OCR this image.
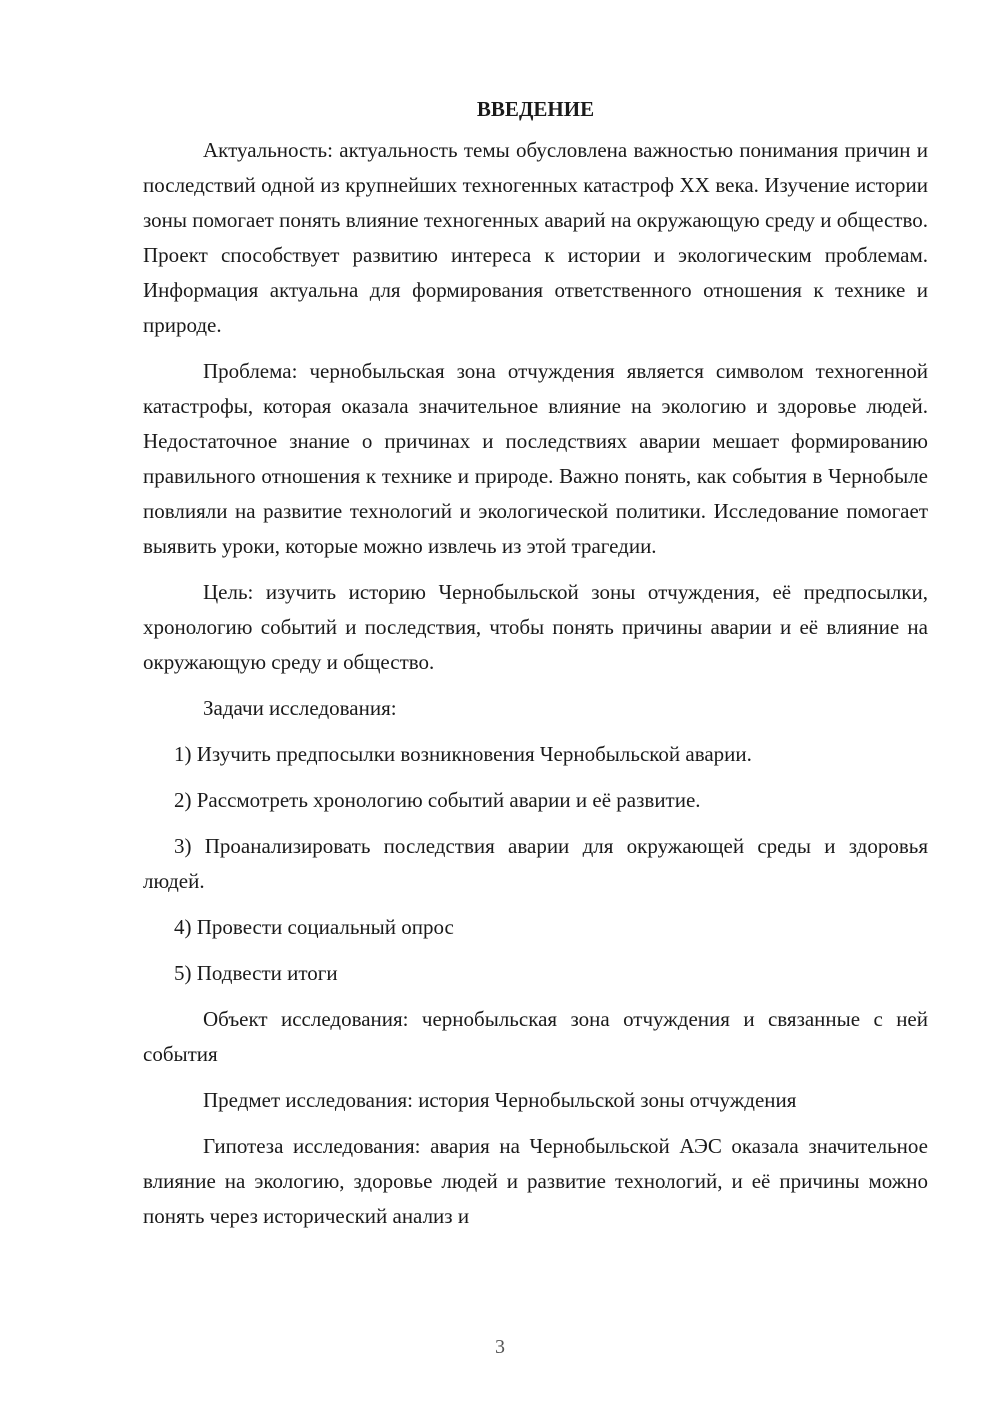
ВВЕДЕНИЕ

Актуальность: актуальность темы обусловлена важностью понимания причин и последствий одной из крупнейших техногенных катастроф XX века. Изучение истории зоны помогает понять влияние техногенных аварий на окружающую среду и общество. Проект способствует развитию интереса к истории и экологическим проблемам. Информация актуальна для формирования ответственного отношения к технике и природе.

Проблема: чернобыльская зона отчуждения является символом техногенной катастрофы, которая оказала значительное влияние на экологию и здоровье людей. Недостаточное знание о причинах и последствиях аварии мешает формированию правильного отношения к технике и природе. Важно понять, как события в Чернобыле повлияли на развитие технологий и экологической политики. Исследование помогает выявить уроки, которые можно извлечь из этой трагедии.

Цель: изучить историю Чернобыльской зоны отчуждения, её предпосылки, хронологию событий и последствия, чтобы понять причины аварии и её влияние на окружающую среду и общество.

Задачи исследования:

1) Изучить предпосылки возникновения Чернобыльской аварии.

2) Рассмотреть хронологию событий аварии и её развитие.

3) Проанализировать последствия аварии для окружающей среды и здоровья людей.

4) Провести социальный опрос

5) Подвести итоги

Объект исследования: чернобыльская зона отчуждения и связанные с ней события

Предмет исследования: история Чернобыльской зоны отчуждения

Гипотеза исследования: авария на Чернобыльской АЭС оказала значительное влияние на экологию, здоровье людей и развитие технологий, и её причины можно понять через исторический анализ и

3
